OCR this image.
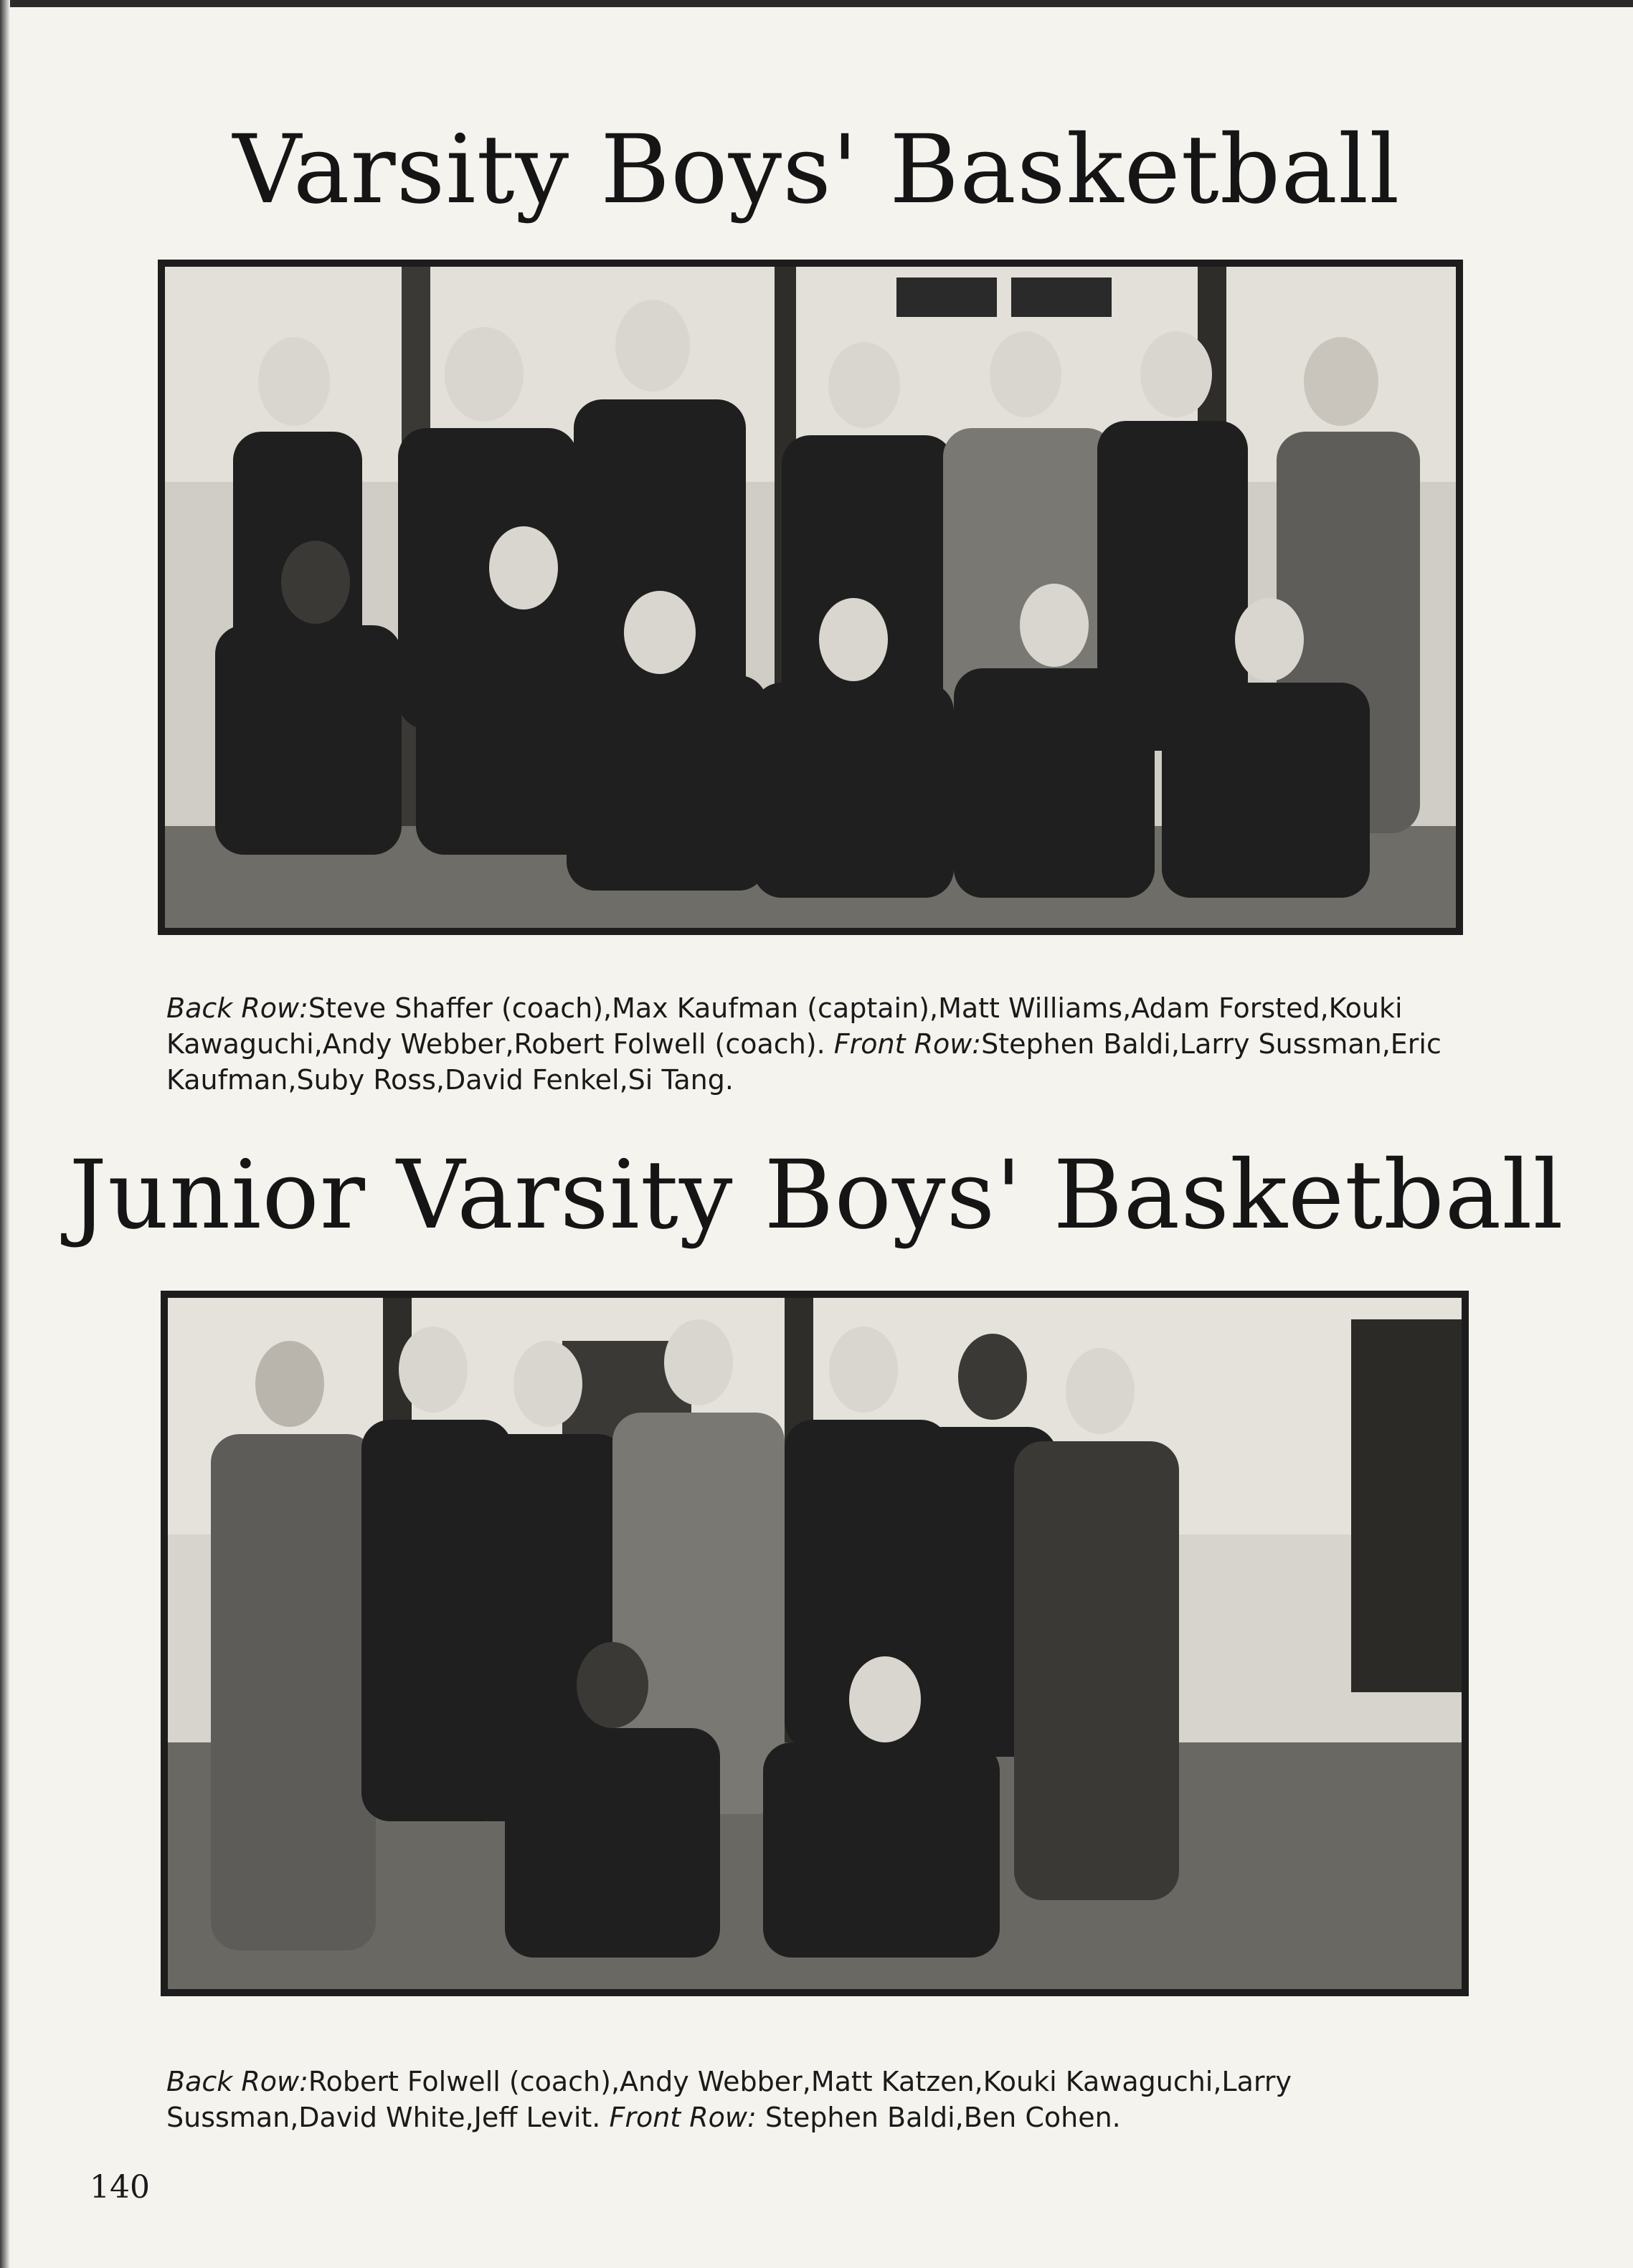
Varsity Boys' Basketball

Back Row:Steve Shaffer (coach),Max Kaufman (captain),Matt Williams,Adam Forsted,Kouki Kawaguchi,Andy Webber,Robert Folwell (coach). Front Row:Stephen Baldi,Larry Sussman,Eric Kaufman,Suby Ross,David Fenkel,Si Tang.

Junior Varsity Boys' Basketball

Back Row:Robert Folwell (coach),Andy Webber,Matt Katzen,Kouki Kawaguchi,Larry Sussman,David White,Jeff Levit. Front Row: Stephen Baldi,Ben Cohen.

140
